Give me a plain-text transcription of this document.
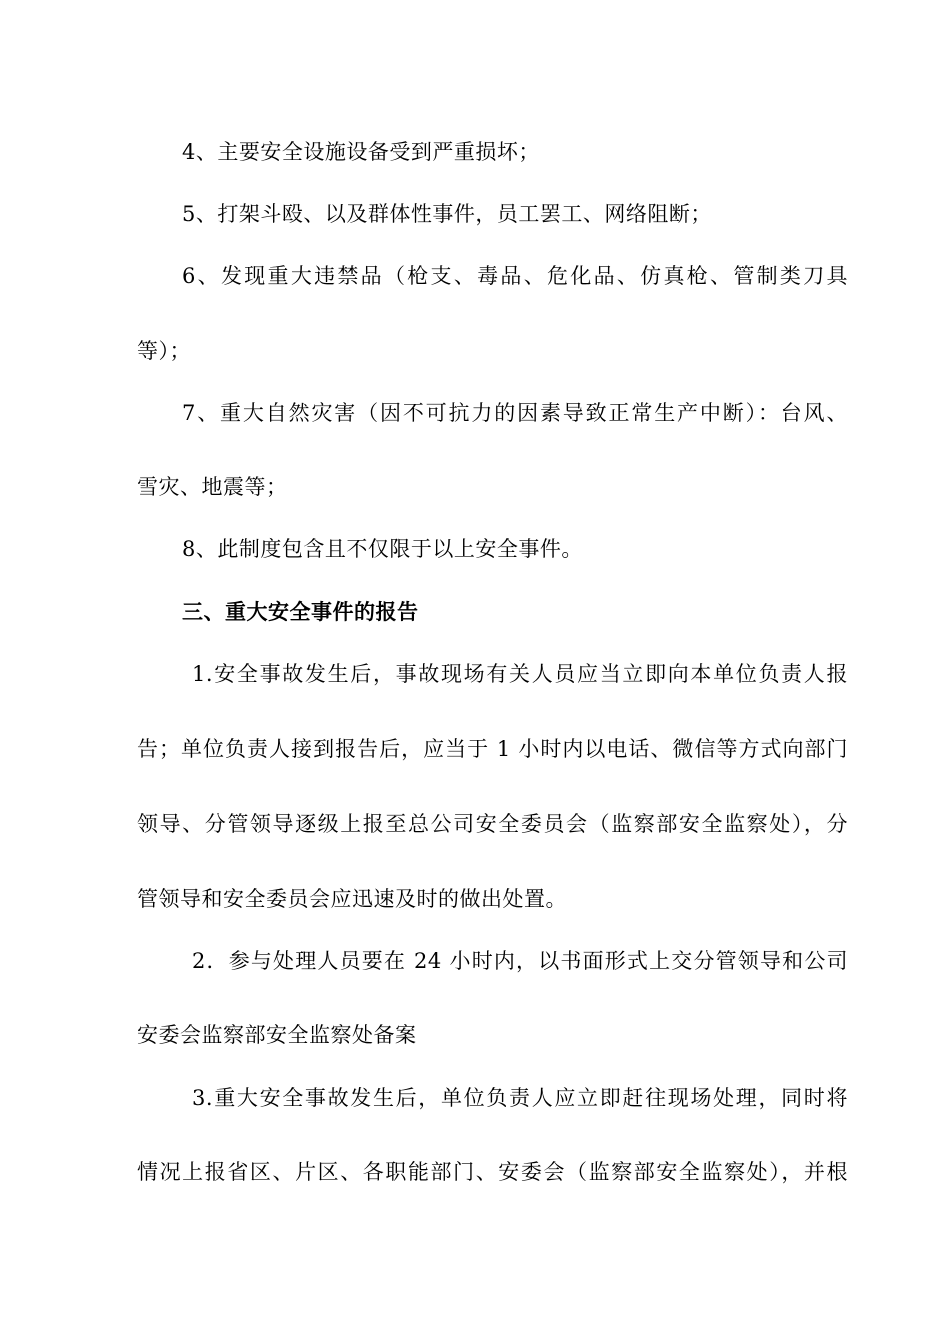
4、主要安全设施设备受到严重损坏；
5、打架斗殴、以及群体性事件，员工罢工、网络阻断；
6、发现重大违禁品（枪支、毒品、危化品、仿真枪、管制类刀具
等）；
7、重大自然灾害（因不可抗力的因素导致正常生产中断）：台风、
雪灾、地震等；
8、此制度包含且不仅限于以上安全事件。
三、重大安全事件的报告
1.安全事故发生后，事故现场有关人员应当立即向本单位负责人报
告；单位负责人接到报告后，应当于 1 小时内以电话、微信等方式向部门
领导、分管领导逐级上报至总公司安全委员会（监察部安全监察处），分
管领导和安全委员会应迅速及时的做出处置。
2．参与处理人员要在 24 小时内，以书面形式上交分管领导和公司
安委会监察部安全监察处备案
3.重大安全事故发生后，单位负责人应立即赶往现场处理，同时将
情况上报省区、片区、各职能部门、安委会（监察部安全监察处），并根
